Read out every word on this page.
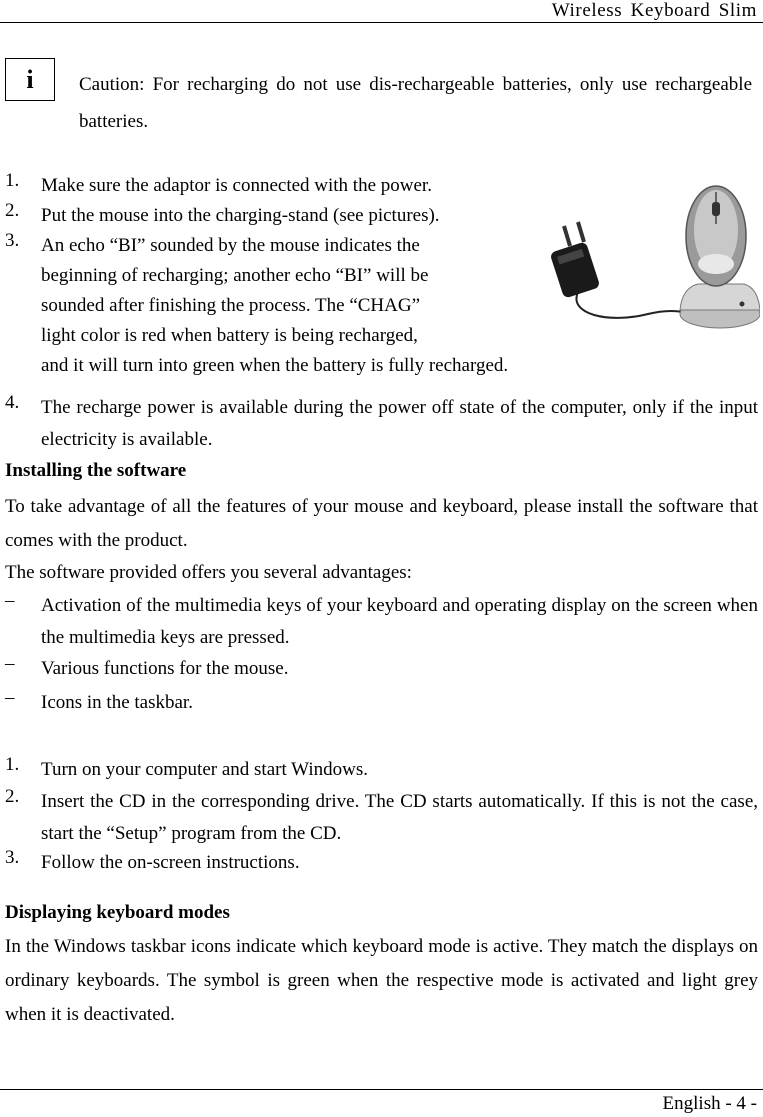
Wireless Keyboard Slim
i	Caution: For recharging do not use dis-rechargeable batteries, only use rechargeable batteries.
1. Make sure the adaptor is connected with the power.
2. Put the mouse into the charging-stand (see pictures).
3. An echo “BI” sounded by the mouse indicates the
beginning of recharging; another echo “BI” will be
sounded after finishing the process. The “CHAG”
light color is red when battery is being recharged,
and it will turn into green when the battery is fully recharged.
4. The recharge power is available during the power off state of the computer, only if the input electricity is available.
Installing the software
To take advantage of all the features of your mouse and keyboard, please install the software that comes with the product.
The software provided offers you several advantages:
– Activation of the multimedia keys of your keyboard and operating display on the screen when the multimedia keys are pressed.
– Various functions for the mouse.
– Icons in the taskbar.
1. Turn on your computer and start Windows.
2. Insert the CD in the corresponding drive. The CD starts automatically. If this is not the case, start the “Setup” program from the CD.
3. Follow the on-screen instructions.
Displaying keyboard modes
In the Windows taskbar icons indicate which keyboard mode is active. They match the displays on ordinary keyboards. The symbol is green when the respective mode is activated and light grey when it is deactivated.
English - 4 -
